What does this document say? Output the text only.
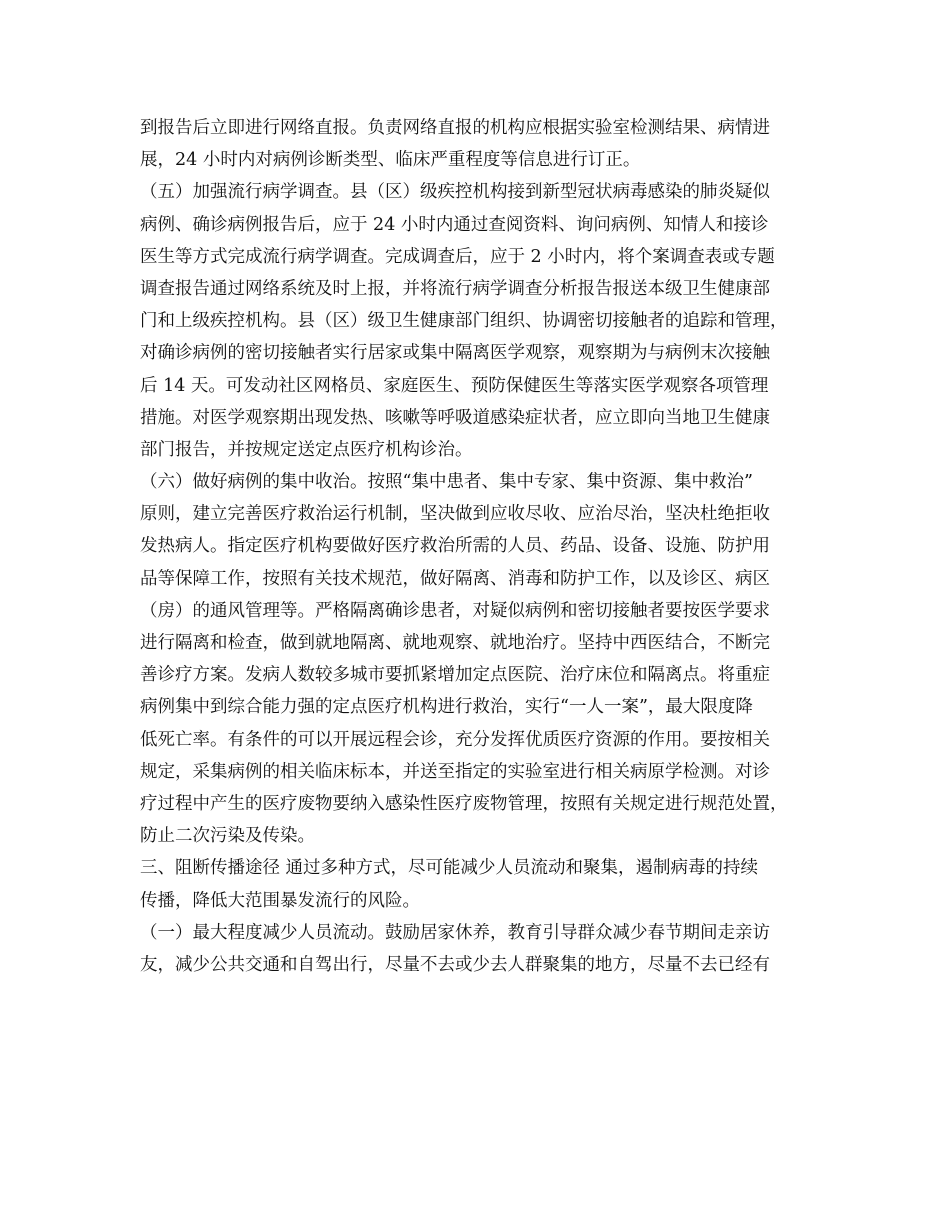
到报告后立即进行网络直报。负责网络直报的机构应根据实验室检测结果、病情进
展，24 小时内对病例诊断类型、临床严重程度等信息进行订正。
（五）加强流行病学调查。县（区）级疾控机构接到新型冠状病毒感染的肺炎疑似
病例、确诊病例报告后，应于 24 小时内通过查阅资料、询问病例、知情人和接诊
医生等方式完成流行病学调查。完成调查后，应于 2 小时内，将个案调查表或专题
调查报告通过网络系统及时上报，并将流行病学调查分析报告报送本级卫生健康部
门和上级疾控机构。县（区）级卫生健康部门组织、协调密切接触者的追踪和管理，
对确诊病例的密切接触者实行居家或集中隔离医学观察，观察期为与病例末次接触
后 14 天。可发动社区网格员、家庭医生、预防保健医生等落实医学观察各项管理
措施。对医学观察期出现发热、咳嗽等呼吸道感染症状者，应立即向当地卫生健康
部门报告，并按规定送定点医疗机构诊治。
（六）做好病例的集中收治。按照“集中患者、集中专家、集中资源、集中救治”
原则，建立完善医疗救治运行机制，坚决做到应收尽收、应治尽治，坚决杜绝拒收
发热病人。指定医疗机构要做好医疗救治所需的人员、药品、设备、设施、防护用
品等保障工作，按照有关技术规范，做好隔离、消毒和防护工作，以及诊区、病区
（房）的通风管理等。严格隔离确诊患者，对疑似病例和密切接触者要按医学要求
进行隔离和检查，做到就地隔离、就地观察、就地治疗。坚持中西医结合，不断完
善诊疗方案。发病人数较多城市要抓紧增加定点医院、治疗床位和隔离点。将重症
病例集中到综合能力强的定点医疗机构进行救治，实行“一人一案”，最大限度降
低死亡率。有条件的可以开展远程会诊，充分发挥优质医疗资源的作用。要按相关
规定，采集病例的相关临床标本，并送至指定的实验室进行相关病原学检测。对诊
疗过程中产生的医疗废物要纳入感染性医疗废物管理，按照有关规定进行规范处置，
防止二次污染及传染。
三、阻断传播途径 通过多种方式，尽可能减少人员流动和聚集，遏制病毒的持续
传播，降低大范围暴发流行的风险。
（一）最大程度减少人员流动。鼓励居家休养，教育引导群众减少春节期间走亲访
友，减少公共交通和自驾出行，尽量不去或少去人群聚集的地方，尽量不去已经有
